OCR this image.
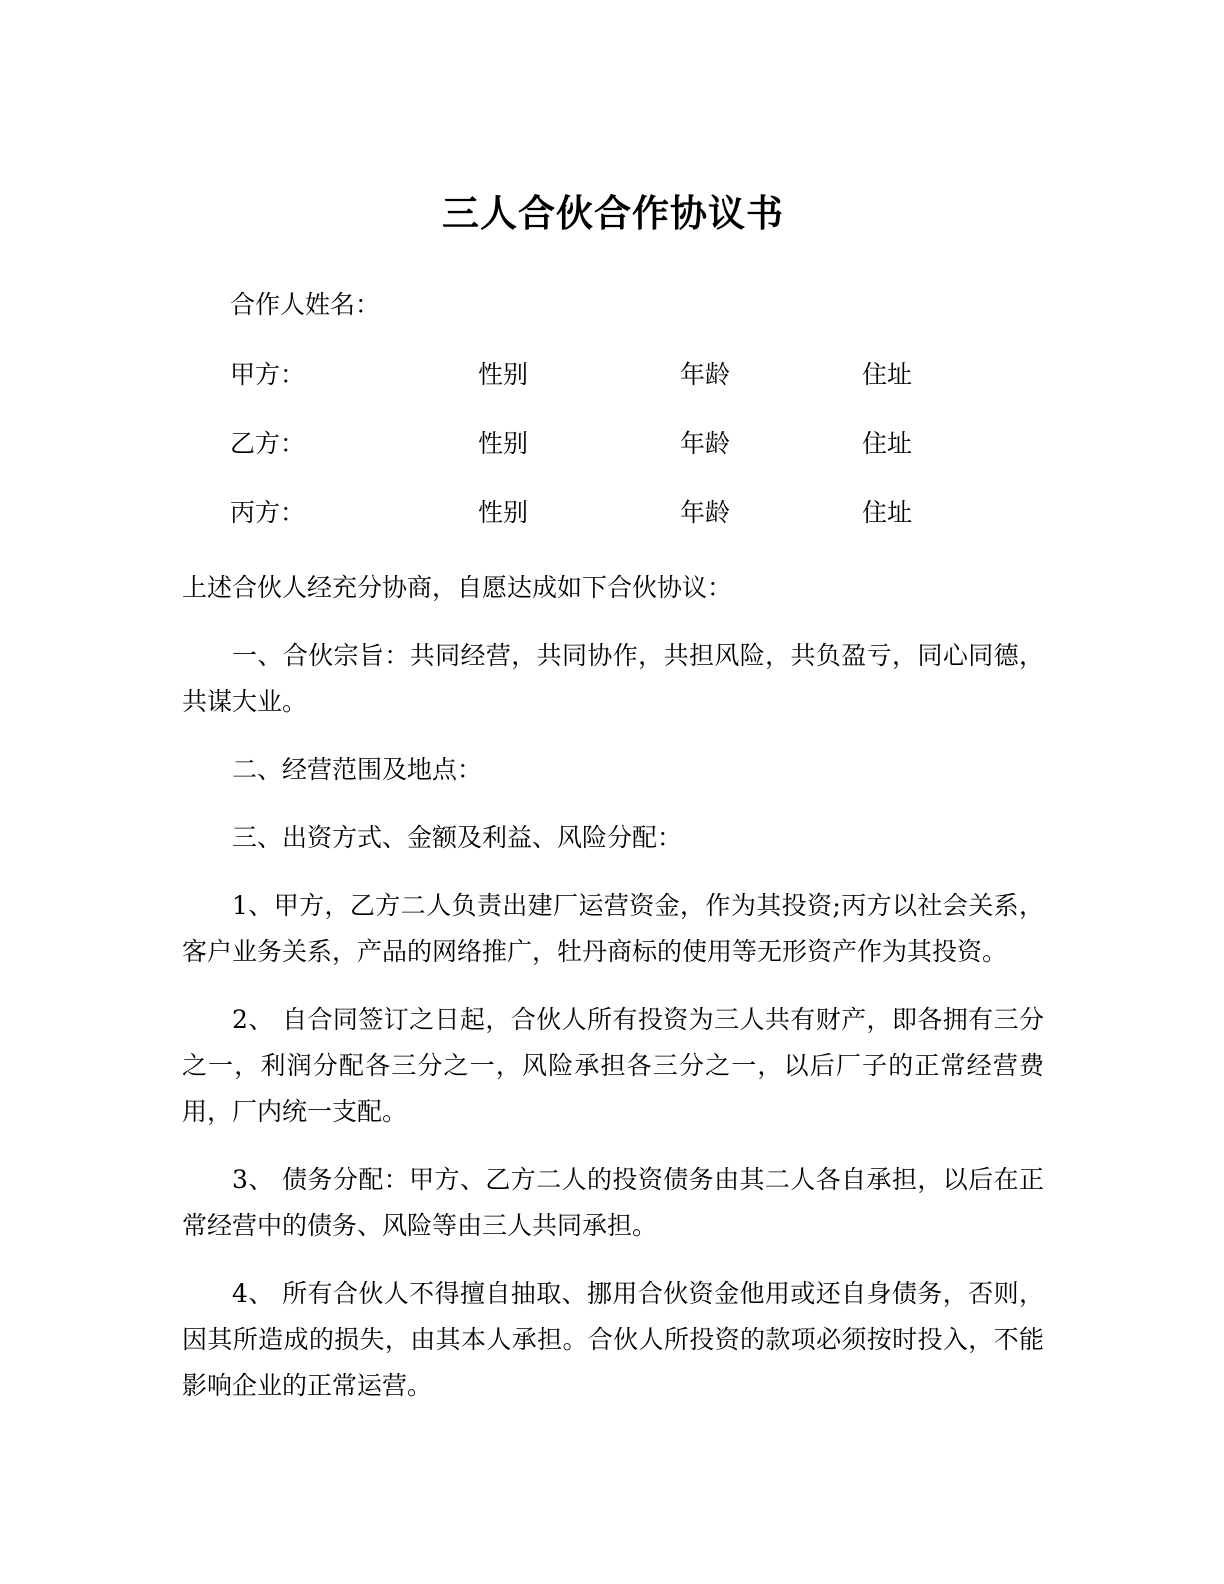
三人合伙合作协议书
合作人姓名：
甲方：	性别	年龄	住址
乙方：	性别	年龄	住址
丙方：	性别	年龄	住址

上述合伙人经充分协商，自愿达成如下合伙协议：

一、合伙宗旨：共同经营，共同协作，共担风险，共负盈亏，同心同德，共谋大业。

二、经营范围及地点：

三、出资方式、金额及利益、风险分配：

1、甲方，乙方二人负责出建厂运营资金，作为其投资;丙方以社会关系，客户业务关系，产品的网络推广，牡丹商标的使用等无形资产作为其投资。

2、 自合同签订之日起，合伙人所有投资为三人共有财产，即各拥有三分之一，利润分配各三分之一，风险承担各三分之一，以后厂子的正常经营费用，厂内统一支配。

3、 债务分配：甲方、乙方二人的投资债务由其二人各自承担，以后在正常经营中的债务、风险等由三人共同承担。

4、 所有合伙人不得擅自抽取、挪用合伙资金他用或还自身债务，否则，因其所造成的损失，由其本人承担。合伙人所投资的款项必须按时投入，不能影响企业的正常运营。
